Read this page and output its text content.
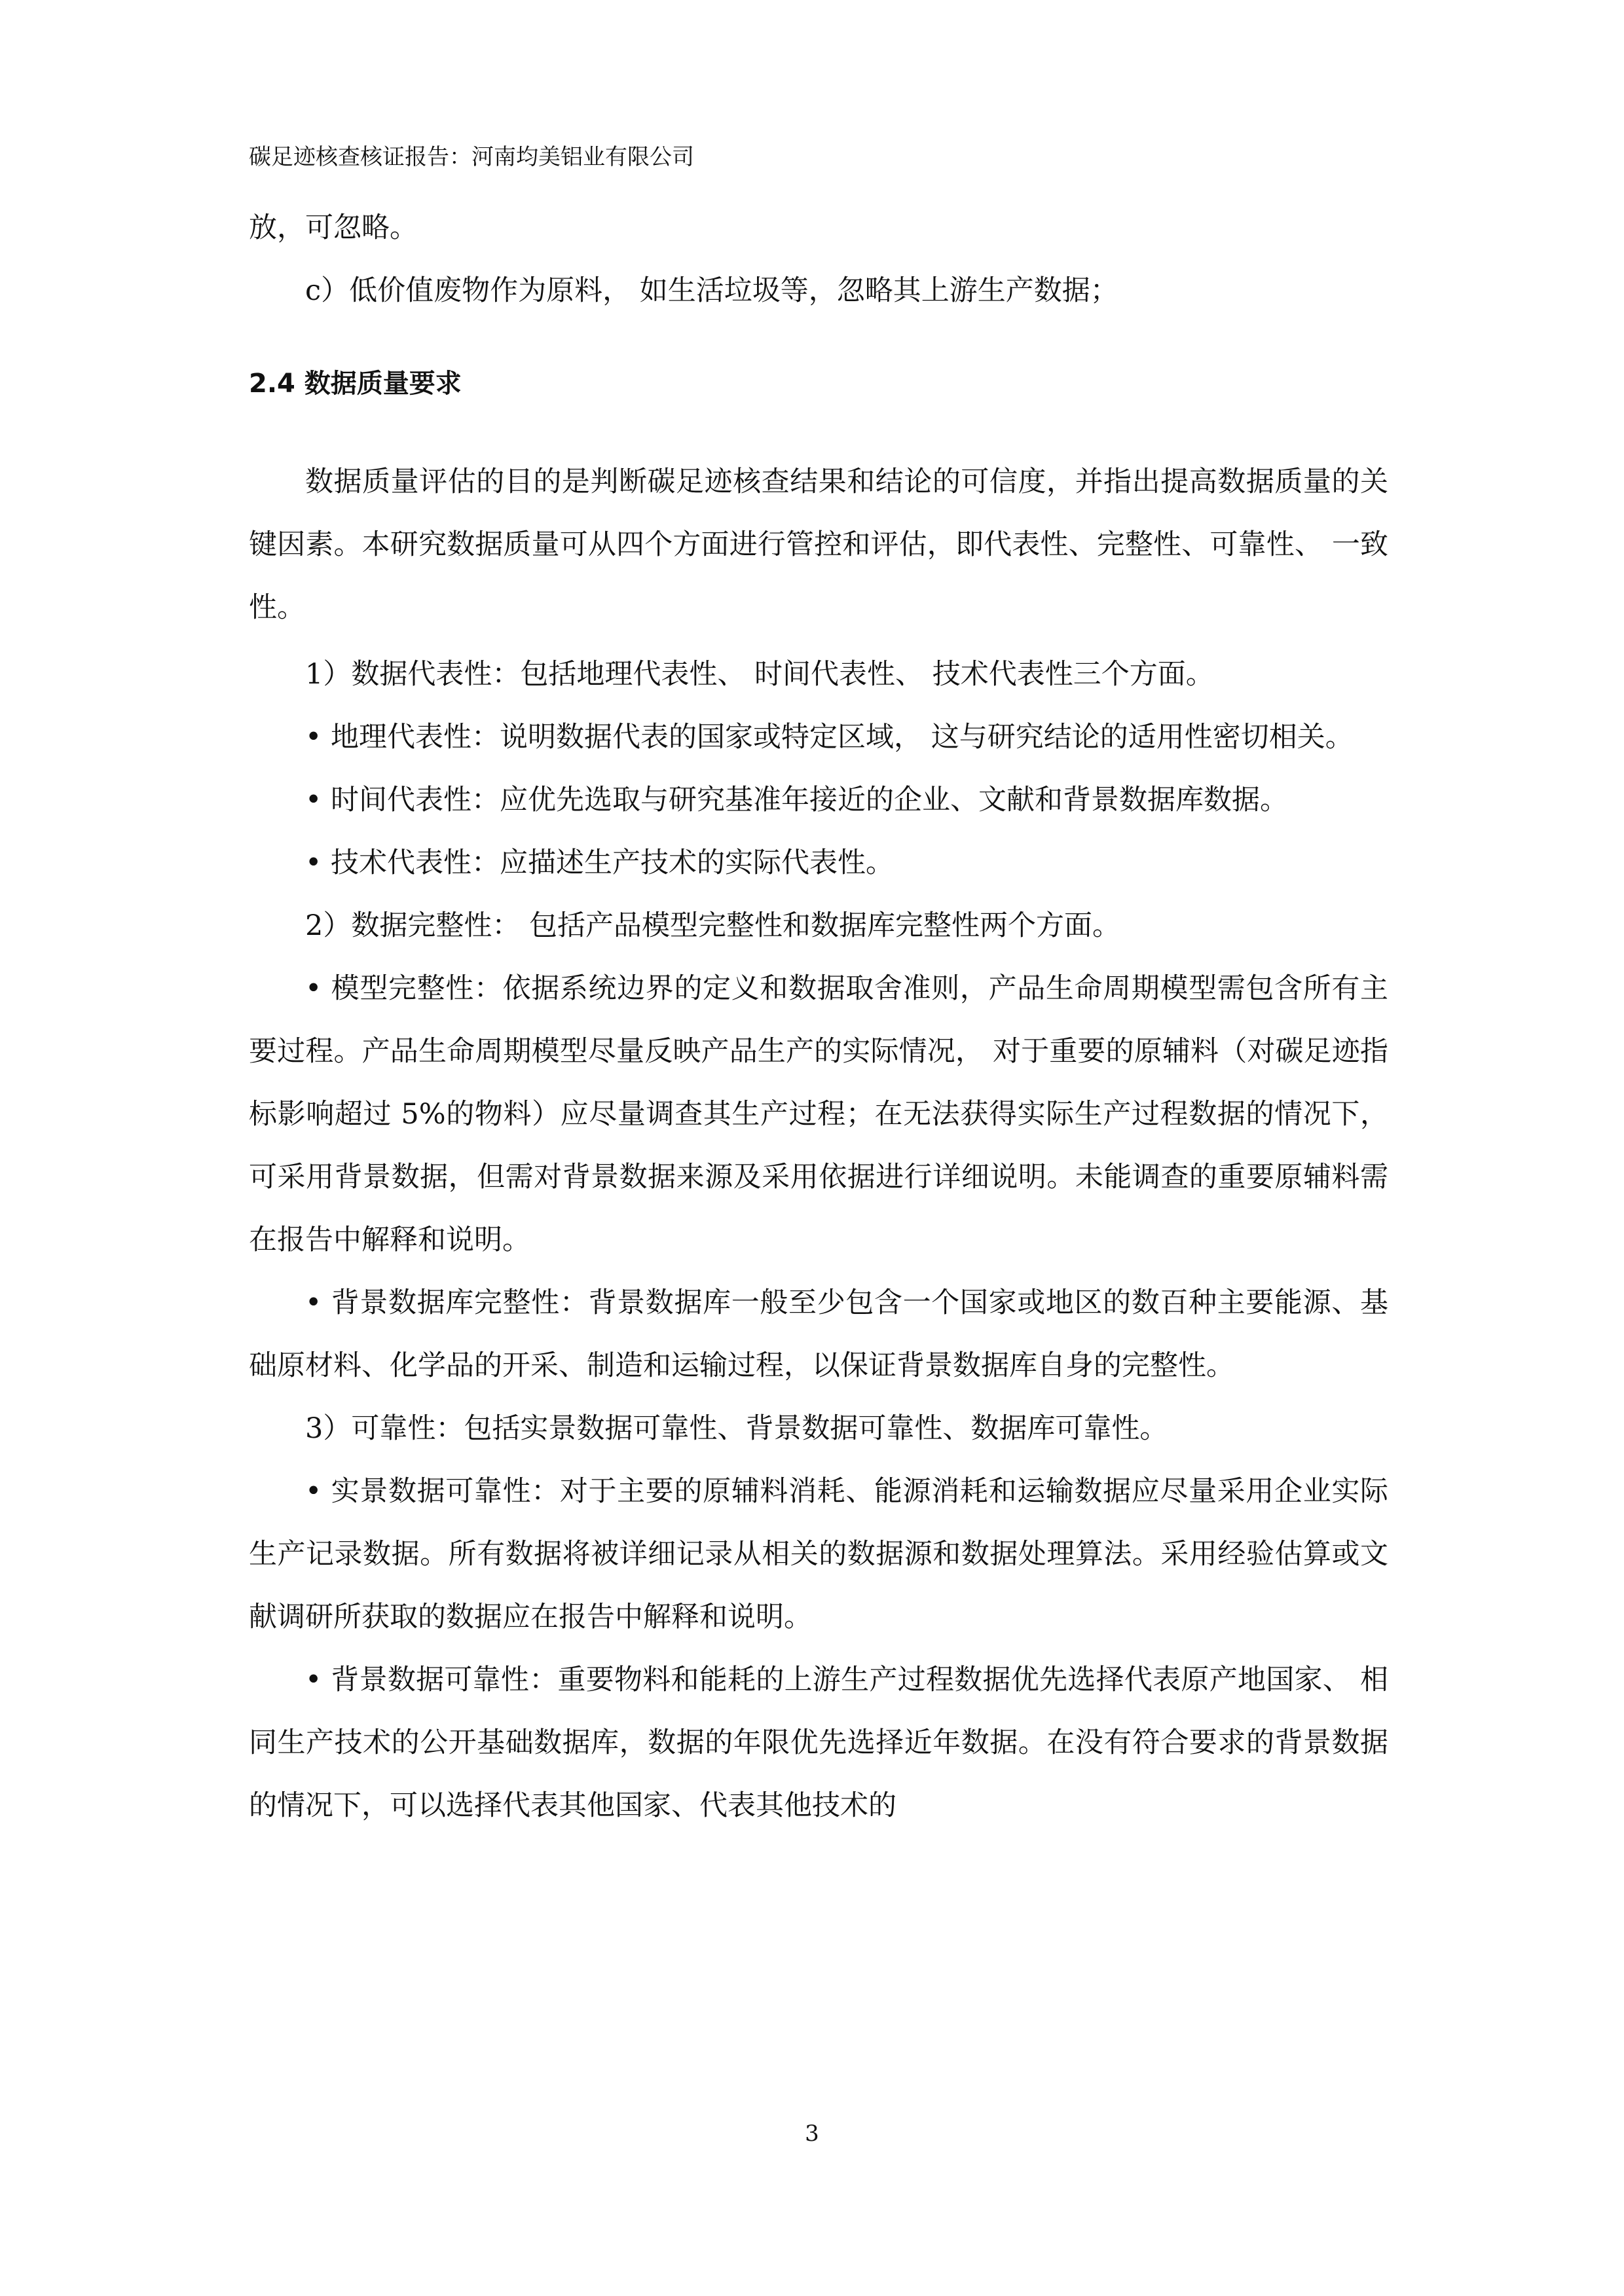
碳足迹核查核证报告：河南均美铝业有限公司

放，可忽略。

c）低价值废物作为原料， 如生活垃圾等，忽略其上游生产数据；

2.4 数据质量要求

数据质量评估的目的是判断碳足迹核查结果和结论的可信度，并指出提高数据质量的关键因素。本研究数据质量可从四个方面进行管控和评估，即代表性、完整性、可靠性、 一致性。

1）数据代表性：包括地理代表性、 时间代表性、 技术代表性三个方面。

• 地理代表性：说明数据代表的国家或特定区域， 这与研究结论的适用性密切相关。

• 时间代表性：应优先选取与研究基准年接近的企业、文献和背景数据库数据。

• 技术代表性：应描述生产技术的实际代表性。

2）数据完整性： 包括产品模型完整性和数据库完整性两个方面。

• 模型完整性：依据系统边界的定义和数据取舍准则，产品生命周期模型需包含所有主要过程。产品生命周期模型尽量反映产品生产的实际情况， 对于重要的原辅料（对碳足迹指标影响超过 5%的物料）应尽量调查其生产过程；在无法获得实际生产过程数据的情况下，可采用背景数据，但需对背景数据来源及采用依据进行详细说明。未能调查的重要原辅料需在报告中解释和说明。

• 背景数据库完整性：背景数据库一般至少包含一个国家或地区的数百种主要能源、基础原材料、化学品的开采、制造和运输过程，以保证背景数据库自身的完整性。

3）可靠性：包括实景数据可靠性、背景数据可靠性、数据库可靠性。

• 实景数据可靠性：对于主要的原辅料消耗、能源消耗和运输数据应尽量采用企业实际生产记录数据。所有数据将被详细记录从相关的数据源和数据处理算法。采用经验估算或文献调研所获取的数据应在报告中解释和说明。

• 背景数据可靠性：重要物料和能耗的上游生产过程数据优先选择代表原产地国家、 相同生产技术的公开基础数据库，数据的年限优先选择近年数据。在没有符合要求的背景数据的情况下，可以选择代表其他国家、代表其他技术的

3
